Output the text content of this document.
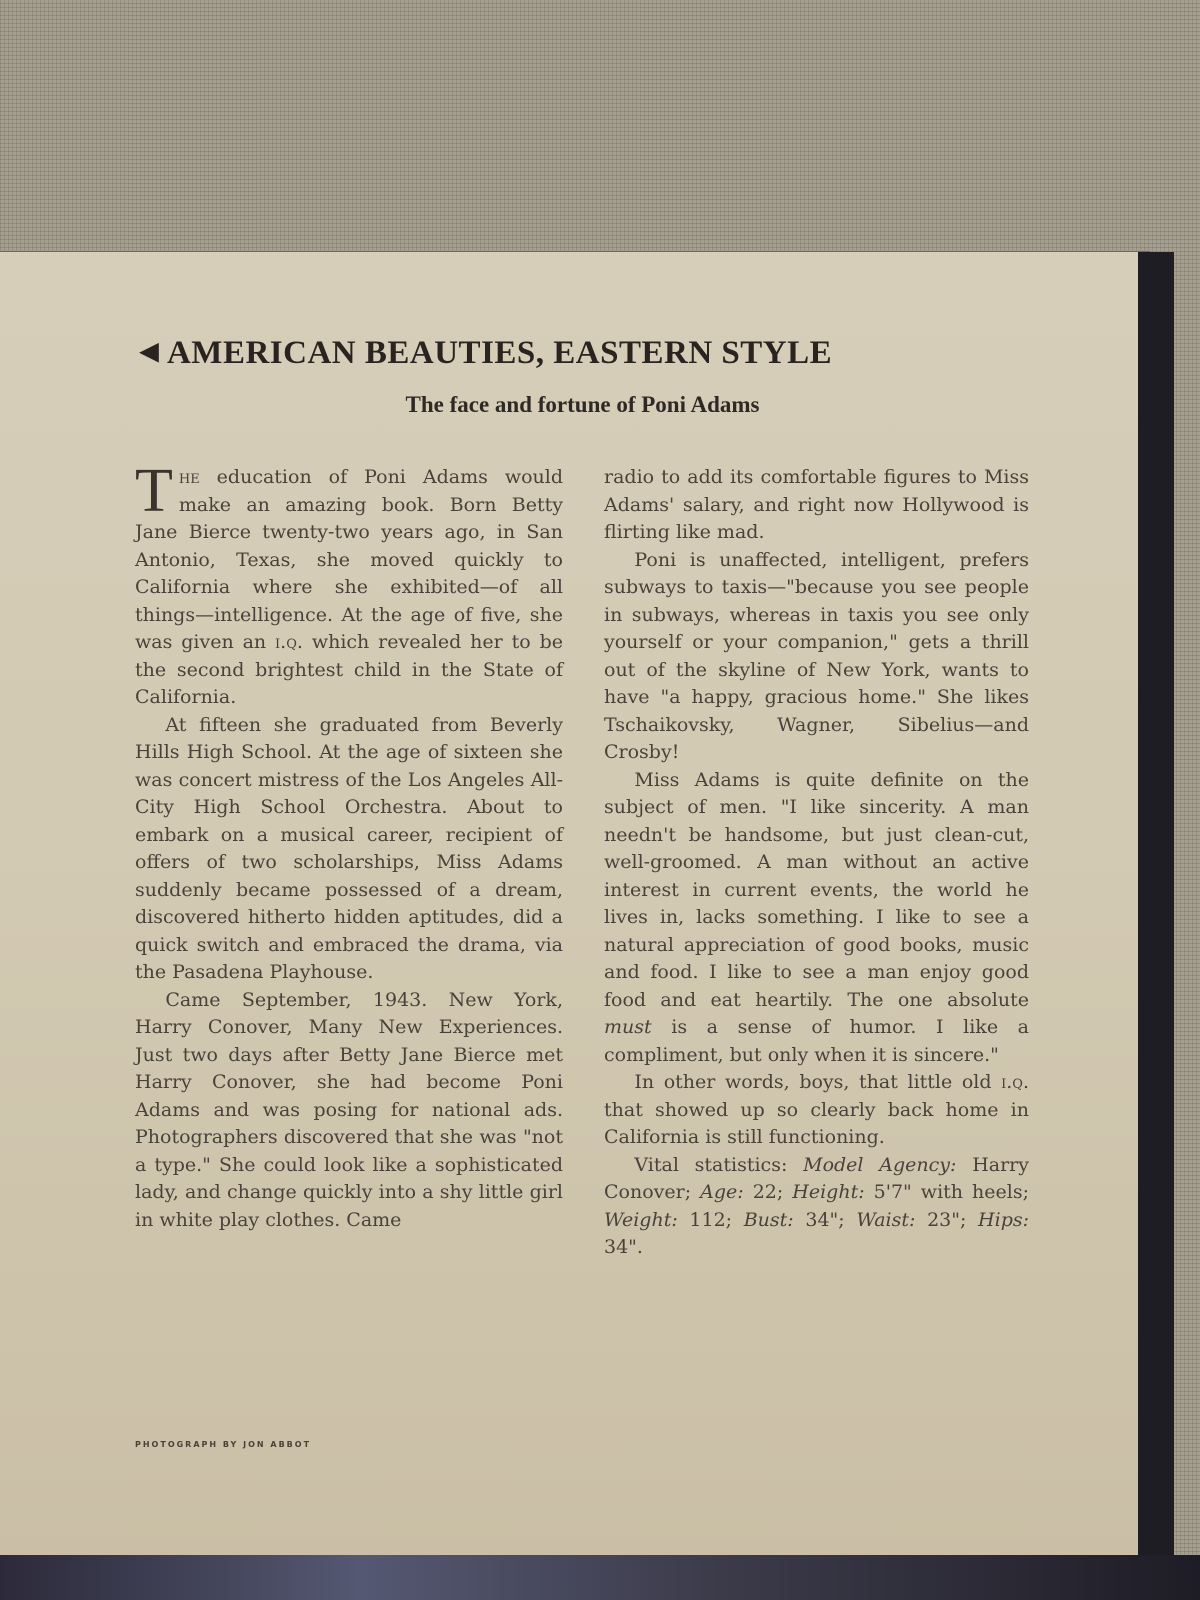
◀ AMERICAN BEAUTIES, EASTERN STYLE
The face and fortune of Poni Adams

The education of Poni Adams would make an amazing book. Born Betty Jane Bierce twenty-two years ago, in San Antonio, Texas, she moved quickly to California where she exhibited—of all things—intelligence. At the age of five, she was given an i.q. which revealed her to be the second brightest child in the State of California.

At fifteen she graduated from Beverly Hills High School. At the age of sixteen she was concert mistress of the Los Angeles All-City High School Orchestra. About to embark on a musical career, recipient of offers of two scholarships, Miss Adams suddenly became possessed of a dream, discovered hitherto hidden aptitudes, did a quick switch and embraced the drama, via the Pasadena Playhouse.

Came September, 1943. New York, Harry Conover, Many New Experiences. Just two days after Betty Jane Bierce met Harry Conover, she had become Poni Adams and was posing for national ads. Photographers discovered that she was "not a type." She could look like a sophisticated lady, and change quickly into a shy little girl in white play clothes. Came

radio to add its comfortable figures to Miss Adams' salary, and right now Hollywood is flirting like mad.

Poni is unaffected, intelligent, prefers subways to taxis—"because you see people in subways, whereas in taxis you see only yourself or your companion," gets a thrill out of the skyline of New York, wants to have "a happy, gracious home." She likes Tschaikovsky, Wagner, Sibelius—and Crosby!

Miss Adams is quite definite on the subject of men. "I like sincerity. A man needn't be handsome, but just clean-cut, well-groomed. A man without an active interest in current events, the world he lives in, lacks something. I like to see a natural appreciation of good books, music and food. I like to see a man enjoy good food and eat heartily. The one absolute must is a sense of humor. I like a compliment, but only when it is sincere."

In other words, boys, that little old i.q. that showed up so clearly back home in California is still functioning.

Vital statistics: Model Agency: Harry Conover; Age: 22; Height: 5'7" with heels; Weight: 112; Bust: 34"; Waist: 23"; Hips: 34".

PHOTOGRAPH BY JON ABBOT
